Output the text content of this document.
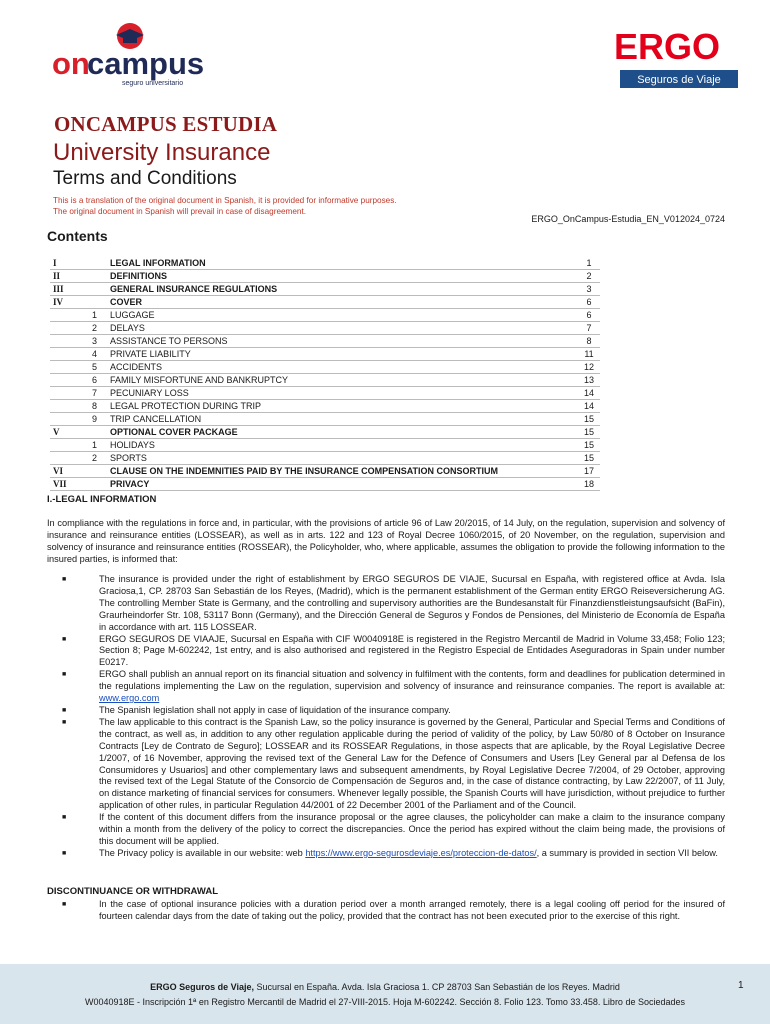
on
campus
seguro universitario
ERGO
Seguros de Viaje
ONCAMPUS ESTUDIA
University Insurance
Terms and Conditions
This is a translation of the original document in Spanish, it is provided for informative purposes.
The original document in Spanish will prevail in case of disagreement.
ERGO_OnCampus-Estudia_EN_V012024_0724
Contents
I	LEGAL INFORMATION	1
II	DEFINITIONS	2
III	GENERAL INSURANCE REGULATIONS	3
IV	COVER	6
1 LUGGAGE	6
2 DELAYS	7
3 ASSISTANCE TO PERSONS	8
4 PRIVATE LIABILITY	11
5 ACCIDENTS	12
6 FAMILY MISFORTUNE AND BANKRUPTCY	13
7 PECUNIARY LOSS	14
8 LEGAL PROTECTION DURING TRIP	14
9 TRIP CANCELLATION	15
V	OPTIONAL COVER PACKAGE	15
1 HOLIDAYS	15
2 SPORTS	15
VI	CLAUSE ON THE INDEMNITIES PAID BY THE INSURANCE COMPENSATION CONSORTIUM	17
VII	PRIVACY	18
I.-LEGAL INFORMATION
In compliance with the regulations in force and, in particular, with the provisions of article 96 of Law 20/2015, of 14 July, on the regulation, supervision and solvency of insurance and reinsurance entities (LOSSEAR), as well as in arts. 122 and 123 of Royal Decree 1060/2015, of 20 November, on the regulation, supervision and solvency of insurance and reinsurance entities (ROSSEAR), the Policyholder, who, where applicable, assumes the obligation to provide the following information to the insured parties, is informed that:
■	The insurance is provided under the right of establishment by ERGO SEGUROS DE VIAJE, Sucursal en España, with registered office at Avda. Isla Graciosa,1, CP. 28703 San Sebastián de los Reyes, (Madrid), which is the permanent establishment of the German entity ERGO Reiseversicherung AG. The controlling Member State is Germany, and the controlling and supervisory authorities are the Bundesanstalt für Finanzdienstleistungsaufsicht (BaFin), Graurheindorfer Str. 108, 53117 Bonn (Germany), and the Dirección General de Seguros y Fondos de Pensiones, del Ministerio de Economía de España in accordance with art. 115 LOSSEAR.
■	ERGO SEGUROS DE VIAAJE, Sucursal en España with CIF W0040918E is registered in the Registro Mercantil de Madrid in Volume 33,458; Folio 123; Section 8; Page M-602242, 1st entry, and is also authorised and registered in the Registro Especial de Entidades Aseguradoras in Spain under number E0217.
■	ERGO shall publish an annual report on its financial situation and solvency in fulfilment with the contents, form and deadlines for publication determined in the regulations implementing the Law on the regulation, supervision and solvency of insurance and reinsurance companies. The report is available at: www.ergo.com
■	The Spanish legislation shall not apply in case of liquidation of the insurance company.
■	The law applicable to this contract is the Spanish Law, so the policy insurance is governed by the General, Particular and Special Terms and Conditions of the contract, as well as, in addition to any other regulation applicable during the period of validity of the policy, by Law 50/80 of 8 October on Insurance Contracts [Ley de Contrato de Seguro]; LOSSEAR and its ROSSEAR Regulations, in those aspects that are aplicable, by the Royal Legislative Decree 1/2007, of 16 November, approving the revised text of the General Law for the Defence of Consumers and Users [Ley General par al Defensa de los Consumidores y Usuarios] and other complementary laws and subsequent amendments, by Royal Legislative Decree 7/2004, of 29 October, approving the revised text of the Legal Statute of the Consorcio de Compensación de Seguros and, in the case of distance contracting, by Law 22/2007, of 11 July, on distance marketing of financial services for consumers. Whenever legally possible, the Spanish Courts will have jurisdiction, without prejudice to further application of other rules, in particular Regulation 44/2001 of 22 December 2001 of the Parliament and of the Council.
■	If the content of this document differs from the insurance proposal or the agree clauses, the policyholder can make a claim to the insurance company within a month from the delivery of the policy to correct the discrepancies. Once the period has expired without the claim being made, the provisions of this document will be applied.
■	The Privacy policy is available in our website: web https://www.ergo-segurosdeviaje.es/proteccion-de-datos/, a summary is provided in section VII below.
DISCONTINUANCE OR WITHDRAWAL
■	In the case of optional insurance policies with a duration period over a month arranged remotely, there is a legal cooling off period for the insured of fourteen calendar days from the date of taking out the policy, provided that the contract has not been executed prior to the exercise of this right.
ERGO Seguros de Viaje, Sucursal en España. Avda. Isla Graciosa 1. CP 28703 San Sebastián de los Reyes. Madrid
W0040918E - Inscripción 1ª en Registro Mercantil de Madrid el 27-VIII-2015. Hoja M-602242. Sección 8. Folio 123. Tomo 33.458. Libro de Sociedades
1
